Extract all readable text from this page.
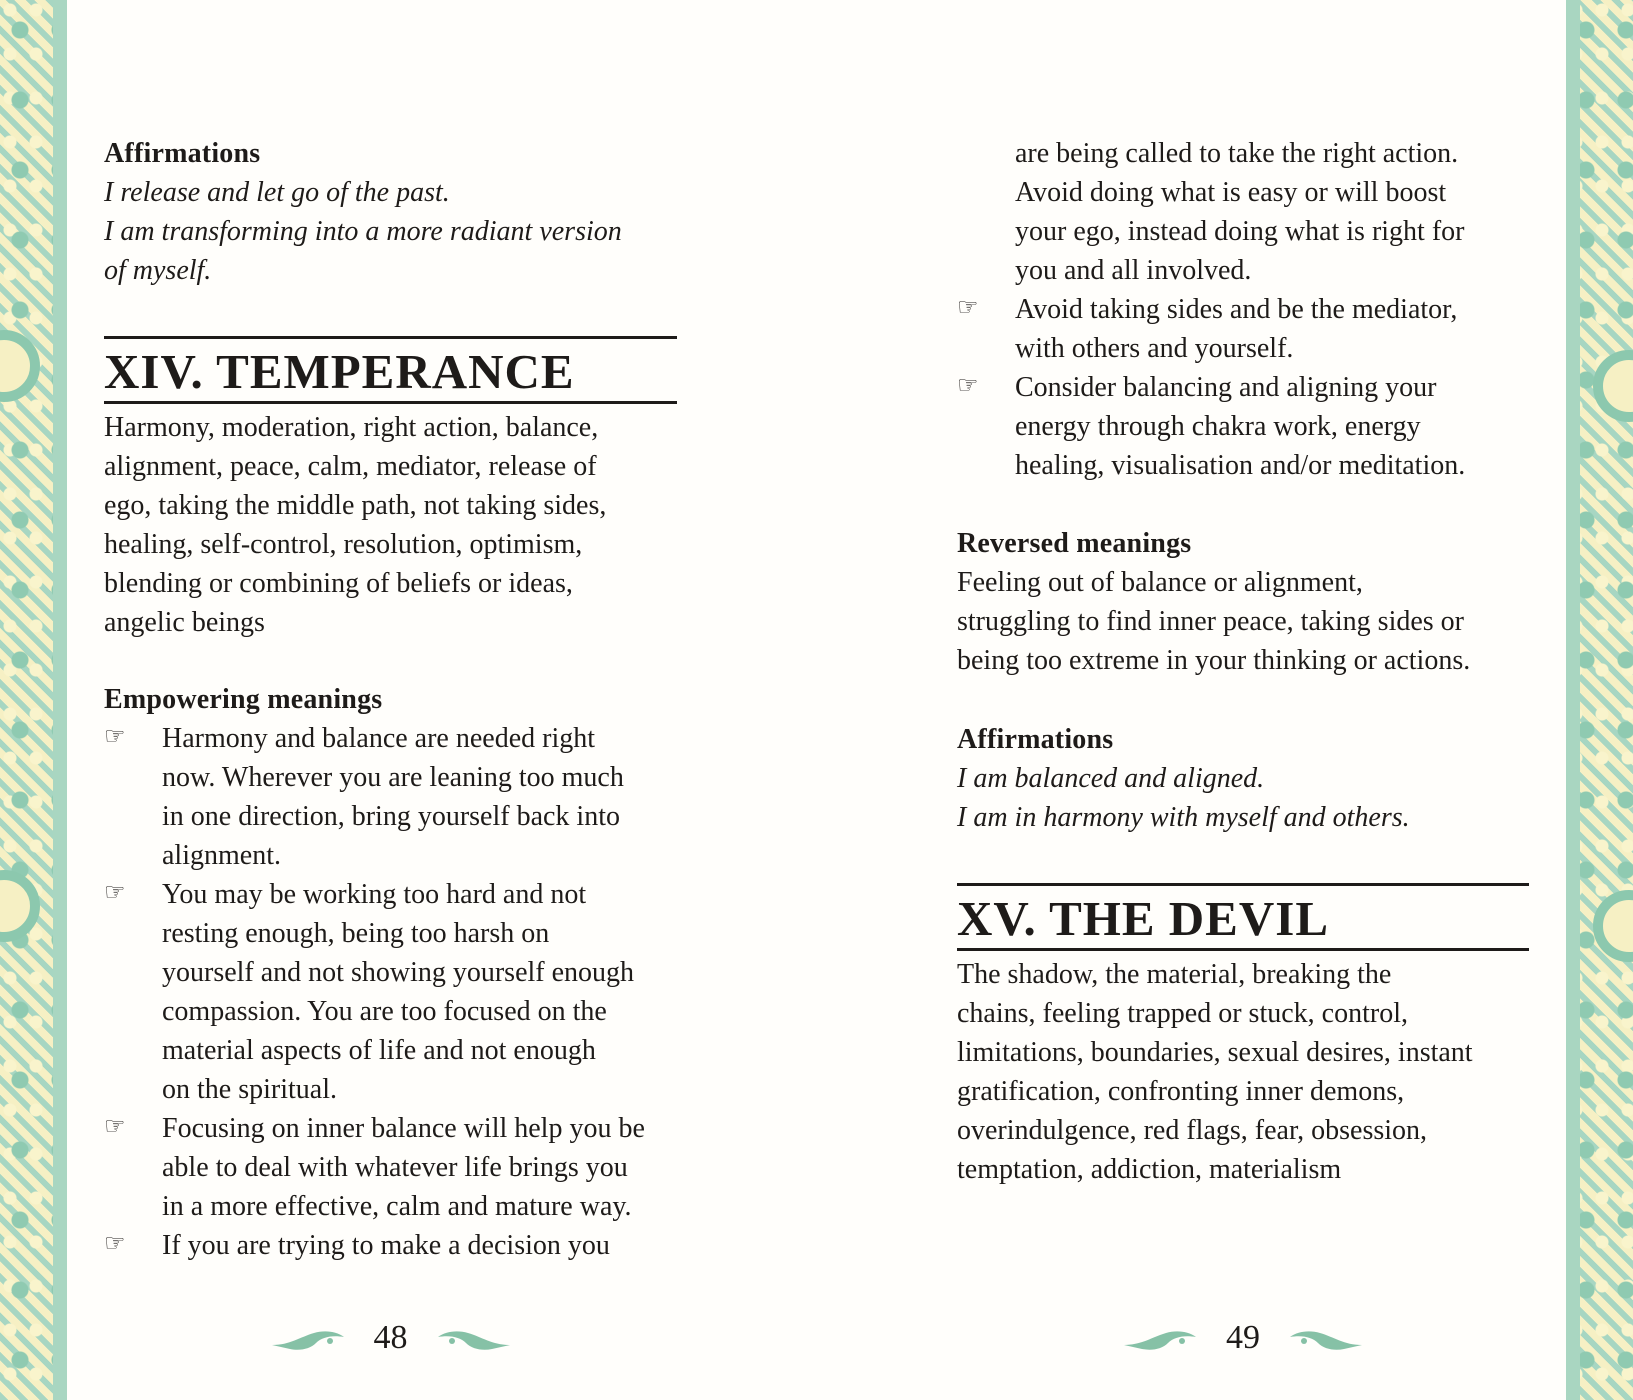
Affirmations

I release and let go of the past.

I am transforming into a more radiant version

of myself.

XIV. TEMPERANCE

Harmony, moderation, right action, balance,

alignment, peace, calm, mediator, release of

ego, taking the middle path, not taking sides,

healing, self-control, resolution, optimism,

blending or combining of beliefs or ideas,

angelic beings

Empowering meanings

☞ Harmony and balance are needed right
now. Wherever you are leaning too much
in one direction, bring yourself back into
alignment.
☞ You may be working too hard and not
resting enough, being too harsh on
yourself and not showing yourself enough
compassion. You are too focused on the
material aspects of life and not enough
on the spiritual.
☞ Focusing on inner balance will help you be
able to deal with whatever life brings you
in a more effective, calm and mature way.
☞ If you are trying to make a decision you
48
are being called to take the right action.
Avoid doing what is easy or will boost
your ego, instead doing what is right for
you and all involved.
☞ Avoid taking sides and be the mediator,
with others and yourself.
☞ Consider balancing and aligning your
energy through chakra work, energy
healing, visualisation and/or meditation.

Reversed meanings

Feeling out of balance or alignment,

struggling to find inner peace, taking sides or

being too extreme in your thinking or actions.

Affirmations

I am balanced and aligned.

I am in harmony with myself and others.

XV. THE DEVIL

The shadow, the material, breaking the

chains, feeling trapped or stuck, control,

limitations, boundaries, sexual desires, instant

gratification, confronting inner demons,

overindulgence, red flags, fear, obsession,

temptation, addiction, materialism

49
